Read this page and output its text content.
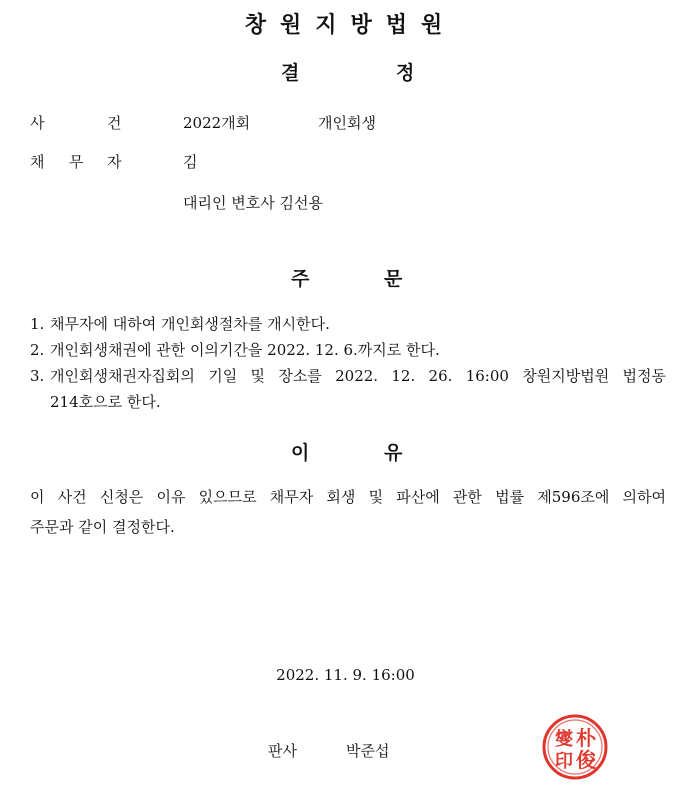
창원지방법원
결	정
사	건	2022개회	개인회생
채 무 자	김
대리인 변호사 김선용
주	문
1. 채무자에 대하여 개인회생절차를 개시한다.
2. 개인회생채권에 관한 이의기간을 2022. 12. 6.까지로 한다.
3. 개인회생채권자집회의 기일 및 장소를 2022. 12. 26. 16:00 창원지방법원 법정동
214호으로 한다.
이	유
이 사건 신청은 이유 있으므로 채무자 회생 및 파산에 관한 법률 제596조에 의하여
주문과 같이 결정한다.
2022. 11. 9. 16:00
판사	박준섭
朴
俊
燮
印
